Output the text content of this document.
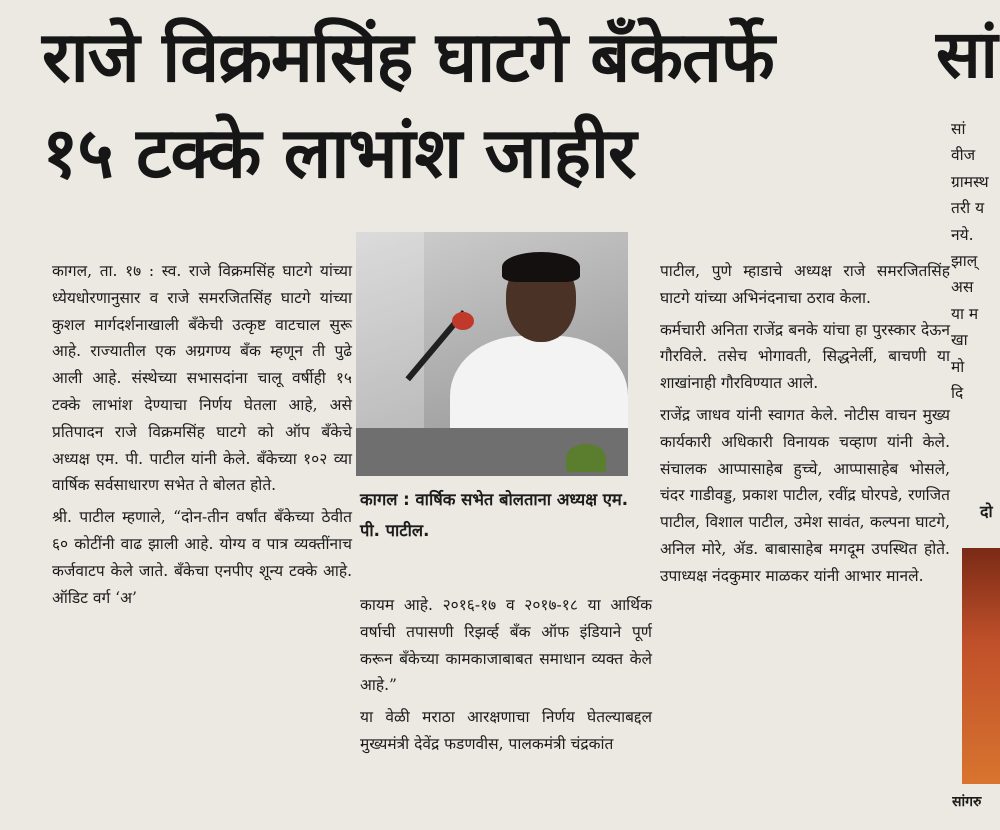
राजे विक्रमसिंह घाटगे बँकेतर्फे
१५ टक्के लाभांश जाहीर
सां

कागल, ता. १७ : स्व. राजे विक्रमसिंह घाटगे यांच्या ध्येयधोरणानुसार व राजे समरजितसिंह घाटगे यांच्या कुशल मार्गदर्शनाखाली बँकेची उत्कृष्ट वाटचाल सुरू आहे. राज्यातील एक अग्रगण्य बँक म्हणून ती पुढे आली आहे. संस्थेच्या सभासदांना चालू वर्षीही १५ टक्के लाभांश देण्याचा निर्णय घेतला आहे, असे प्रतिपादन राजे विक्रमसिंह घाटगे को ऑप बँकेचे अध्यक्ष एम. पी. पाटील यांनी केले. बँकेच्या १०२ व्या वार्षिक सर्वसाधारण सभेत ते बोलत होते.

श्री. पाटील म्हणाले, “दोन-तीन वर्षांत बँकेच्या ठेवीत ६० कोटींनी वाढ झाली आहे. योग्य व पात्र व्यक्तींनाच कर्जवाटप केले जाते. बँकेचा एनपीए शून्य टक्के आहे. ऑडिट वर्ग ‘अ’

कागल : वार्षिक सभेत बोलताना अध्यक्ष एम. पी. पाटील.

कायम आहे. २०१६-१७ व २०१७-१८ या आर्थिक वर्षाची तपासणी रिझर्व्ह बँक ऑफ इंडियाने पूर्ण करून बँकेच्या कामकाजाबाबत समाधान व्यक्त केले आहे.”

या वेळी मराठा आरक्षणाचा निर्णय घेतल्याबद्दल मुख्यमंत्री देवेंद्र फडणवीस, पालकमंत्री चंद्रकांत

पाटील, पुणे म्हाडाचे अध्यक्ष राजे समरजितसिंह घाटगे यांच्या अभिनंदनाचा ठराव केला.

कर्मचारी अनिता राजेंद्र बनके यांचा हा पुरस्कार देऊन गौरविले. तसेच भोगावती, सिद्धनेर्ली, बाचणी या शाखांनाही गौरविण्यात आले.

राजेंद्र जाधव यांनी स्वागत केले. नोटीस वाचन मुख्य कार्यकारी अधिकारी विनायक चव्हाण यांनी केले. संचालक आप्पासाहेब हुच्चे, आप्पासाहेब भोसले, चंदर गाडीवड्ड, प्रकाश पाटील, रवींद्र घोरपडे, रणजित पाटील, विशाल पाटील, उमेश सावंत, कल्पना घाटगे, अनिल मोरे, ॲड. बाबासाहेब मगदूम उपस्थित होते. उपाध्यक्ष नंदकुमार माळकर यांनी आभार मानले.

सां
वीज
ग्रामस्थ
तरी य
नये.
झाल्
अस
या म
खा
मो
दि
दो
सांगरु
